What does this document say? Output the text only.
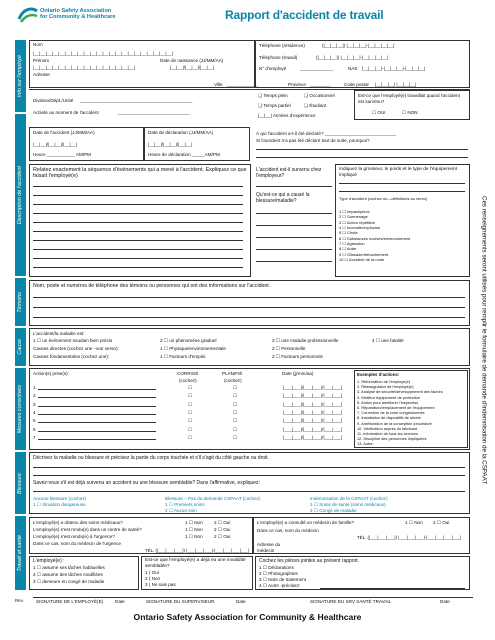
Ontario Safety Association
for Community & Healthcare	Rapport d'accident de travail
Info sur l'employé
Description de l'accident
Témoins
Cause
Mesures correctives
Blessure
Travail et santé
Nom
|__|__|__|__|__|__|__|__|__|__|__|__|__|__|__|__|__|__|__|__|__|__|
Prénom	Date de naissance (JJ/MM/AA)
|__|__|__|__|__|__|__|__|__|__|__|__|__|__|__|__|	|__|__|/|__|__|/|__|__|
Adresse
Téléphone (résidence)	(|__|__|__|) |__|__|__|-|__|__|__|__|
Téléphone (travail)	(|__|__|__|) |__|__|__|-|__|__|__|__|
N° d'employé	_____________	NAS |__|__|__|-|__|__|__|-|__|__|__|
Ville ____________	Province ________	Code postal |__|__|__| |__|__|__|
Division/Dépt./Unité ____________________________________________
Activité au moment de l'accident	____________________________
❑ Temps plein	❑ Occasionnel
❑ Temps partiel	❑ Étudiant
|__|__| Années d'expérience
Est-ce que l'employé(e) travaillait quand l'accident est survenu?
☐ OUI	☐ NON
Date de l'accident (JJ/MM/AA)
|__|__|/|__|__|/|__|__|
Heure ___________ AM/PM
Date de déclaration (JJ/MM/AA)
|__|__|/|__|__|/|__|__|
Heure de déclaration _____AM/PM
À qui l'accident a-t-il été déclaré? ____________________________
Si l'accident n'a pas été déclaré tout de suite, pourquoi?
Relatez exactement la séquence d'événements qui a mené à l'accident. Expliquez ce que faisait l'employé(e)
L'accident est-il survenu chez l'employeur?
Qu'est-ce qui a causé la blessure/maladie?
Indiquez la grosseur, le poids et le type de l'équipement impliqué
Type d'accident (cochez un—définitions au verso)
1 ☐ Impact/pièce
2 ☐ Surmenage
3 ☐ Action répétitive
4 ☐ Incendie/explosion
5 ☐ Chute
6 ☐ Substances nocives/environnement
7 ☐ Agression
8 ☐ Autre
9 ☐ Glissade/trébuchement
10 ☐ Accident de la route
Nom, poste et numéros de téléphone des témoins ou personnes qui ont des informations sur l'accident.
L'accident/la maladie est:
1 ☐ un événement soudain bien précis	2 ☐ un phénomène graduel	3 ☐ une maladie professionnelle	4 ☐ une fatalité
Causes directes (cochez une –voir verso):	1 ☐ Physique/environnementale	2 ☐ Personnelle
Causes fondamentales (cochez une):	1 ☐ Facteurs d'emploi	2 ☐ Facteurs personnels
Action(s) prise(s):	CORRIGÉ	PLANIFIÉ	Date (jj/mm/aa)
(cochez)	(cochez)
1	☐	☐	|___|___|/|___|___|/|___|___|
2	☐	☐	|___|___|/|___|___|/|___|___|
3	☐	☐	|___|___|/|___|___|/|___|___|
4	☐	☐	|___|___|/|___|___|/|___|___|
5	☐	☐	|___|___|/|___|___|/|___|___|
6	☐	☐	|___|___|/|___|___|/|___|___|
7	☐	☐	|___|___|/|___|___|/|___|___|
Exemples d'actions:
1. Reformation de l'employé(e)
2. Réassignation de l'employé(e)
3. Analyse de sécurité/développement des tâches
4. Meilleur équipement de protection
5. Action pour améliorer l'inspection
6. Réparation/remplacement de l'équipement
7. Correction de la zone congestionnée
8. Installation de dispositifs de sûreté
9. Amélioration de la conception /procédure
10. Vérification auprès du fabricant
11. Information de tous les services
12. Discipline des personnes impliquées
13. Autre:
Décrivez la maladie ou blessure et précisez la partie du corps touchée et s'il s'agit du côté gauche ou droit.
Savez-vous s'il est déjà survenu un accident ou une blessure semblable? Dans l'affirmative, expliquez:
Aucune blessure (cochez)
1 ☐ Situation dangereuse
Blessure – Pas de demande CSPAAT (cochez)
1 ☐ Premiers soins
2 ☐ Aucun soin
Indemnisation de la CSPAAT (cochez)
1 ☐ Soins de santé (soins médicaux)
2 ☐ Congé de maladie
L'employé(e) a obtenu des soins médicaux?	1 ☐ Non 2 ☐ Oui
L'employé(e) s'est rendu(e) dans un centre de santé?	1 ☐ Non 2 ☐ Oui
L'employé(e) s'est rendu(e) à l'urgence?	1 ☐ Non 2 ☐ Oui
Dans ce cas, nom du médecin de l'urgence
TÉL. (|___|___|___|) |___|___|___|-|___|___|___|___|
L'employé(e) a consulté un médecin de famille?	1 ☐ Non 2 ☐ Oui
Dans ce cas, nom du médecin
TÉL. (|___|___|___|) |___|___|___|-|___|___|___|___|
Adresse du
médecin
L'employé(e) :
1 ☐ assume ses tâches habituelles
2 ☐ assume des tâches modifiées
3 ☐ demeure en congé de maladie
Est-ce que l'employé(e) a déjà eu une invalidité semblable?
1 ( Oui
2 ( Non
3 ( Ne sais pas
Cochez les pièces jointes au présent rapport.
1 ☐ Déclarations
2 ☐ Photographies
3 ☐ Note de traitement
4 ☐ Autre -précisez:
Rev.	SIGNATURE DE L'EMPLOYÉ(E)	Date	SIGNATURE DU SUPERVISEUR	Date	SIGNATURE DU SRV SANTÉ TRAVAIL	Date
Ontario Safety Association for Community & Healthcare
Ces renseignements seront utilisés pour remplir le formulaire de demande d'indemnisation de la CSPAAT
